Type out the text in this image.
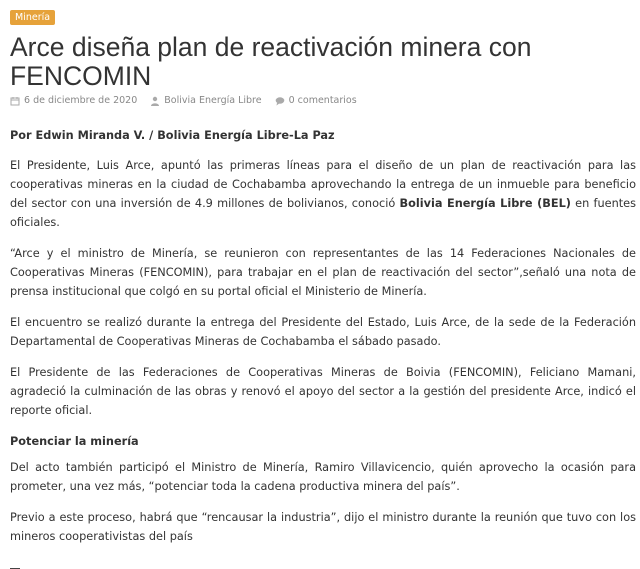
Minería
Arce diseña plan de reactivación minera con FENCOMIN
6 de diciembre de 2020	Bolivia Energía Libre	0 comentarios

Por Edwin Miranda V. / Bolivia Energía Libre-La Paz

El Presidente, Luis Arce, apuntó las primeras líneas para el diseño de un plan de reactivación para las cooperativas mineras en la ciudad de Cochabamba aprovechando la entrega de un inmueble para beneficio del sector con una inversión de 4.9 millones de bolivianos, conoció Bolivia Energía Libre (BEL) en fuentes oficiales.

“Arce y el ministro de Minería, se reunieron con representantes de las 14 Federaciones Nacionales de Cooperativas Mineras (FENCOMIN), para trabajar en el plan de reactivación del sector”,señaló una nota de prensa institucional que colgó en su portal oficial el Ministerio de Minería.

El encuentro se realizó durante la entrega del Presidente del Estado, Luis Arce, de la sede de la Federación Departamental de Cooperativas Mineras de Cochabamba el sábado pasado.

El Presidente de las Federaciones de Cooperativas Mineras de Boivia (FENCOMIN), Feliciano Mamani, agradeció la culminación de las obras y renovó el apoyo del sector a la gestión del presidente Arce, indicó el reporte oficial.

Potenciar la minería

Del acto también participó el Ministro de Minería, Ramiro Villavicencio, quién aprovecho la ocasión para prometer, una vez más, “potenciar toda la cadena productiva minera del país”.

Previo a este proceso, habrá que “rencausar la industria”, dijo el ministro durante la reunión que tuvo con los mineros cooperativistas del país
